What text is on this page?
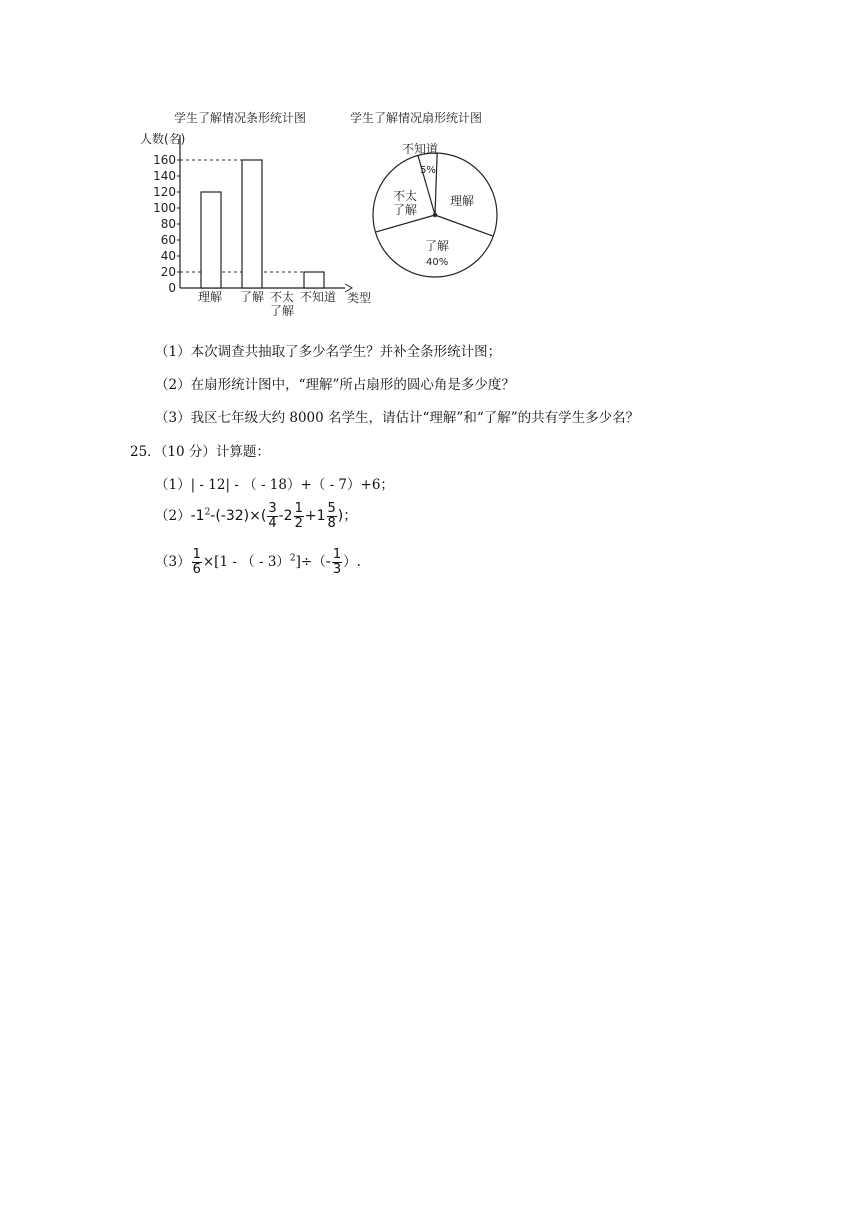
学生了解情况条形统计图
人数(名)
类型
0
20
40
60
80
100
120
140
160
理解 了解 不太
了解
不知道
学生了解情况扇形统计图
不知道
5%
理解
了解
40%
不太
了解
（1）本次调查共抽取了多少名学生？并补全条形统计图；
（2）在扇形统计图中，“理解”所占扇形的圆心角是多少度？
（3）我区七年级大约 8000 名学生，请估计“理解”和“了解”的共有学生多少名？
25．（10 分）计算题：
（1）| ‐ 12| ‐ （ ‐ 18）+（ ‐ 7）+6；
$(2)‐1^2‐(‐32)\times( \frac{3}{4}$ ‐2 $\frac{1}{2} +1 \frac{5}{8}$ )；
$(3) \frac{1}{6} \times[1$ ‐ （ ‐ 3）$^2$]÷（‐ $\frac{1}{3}$ ）.
